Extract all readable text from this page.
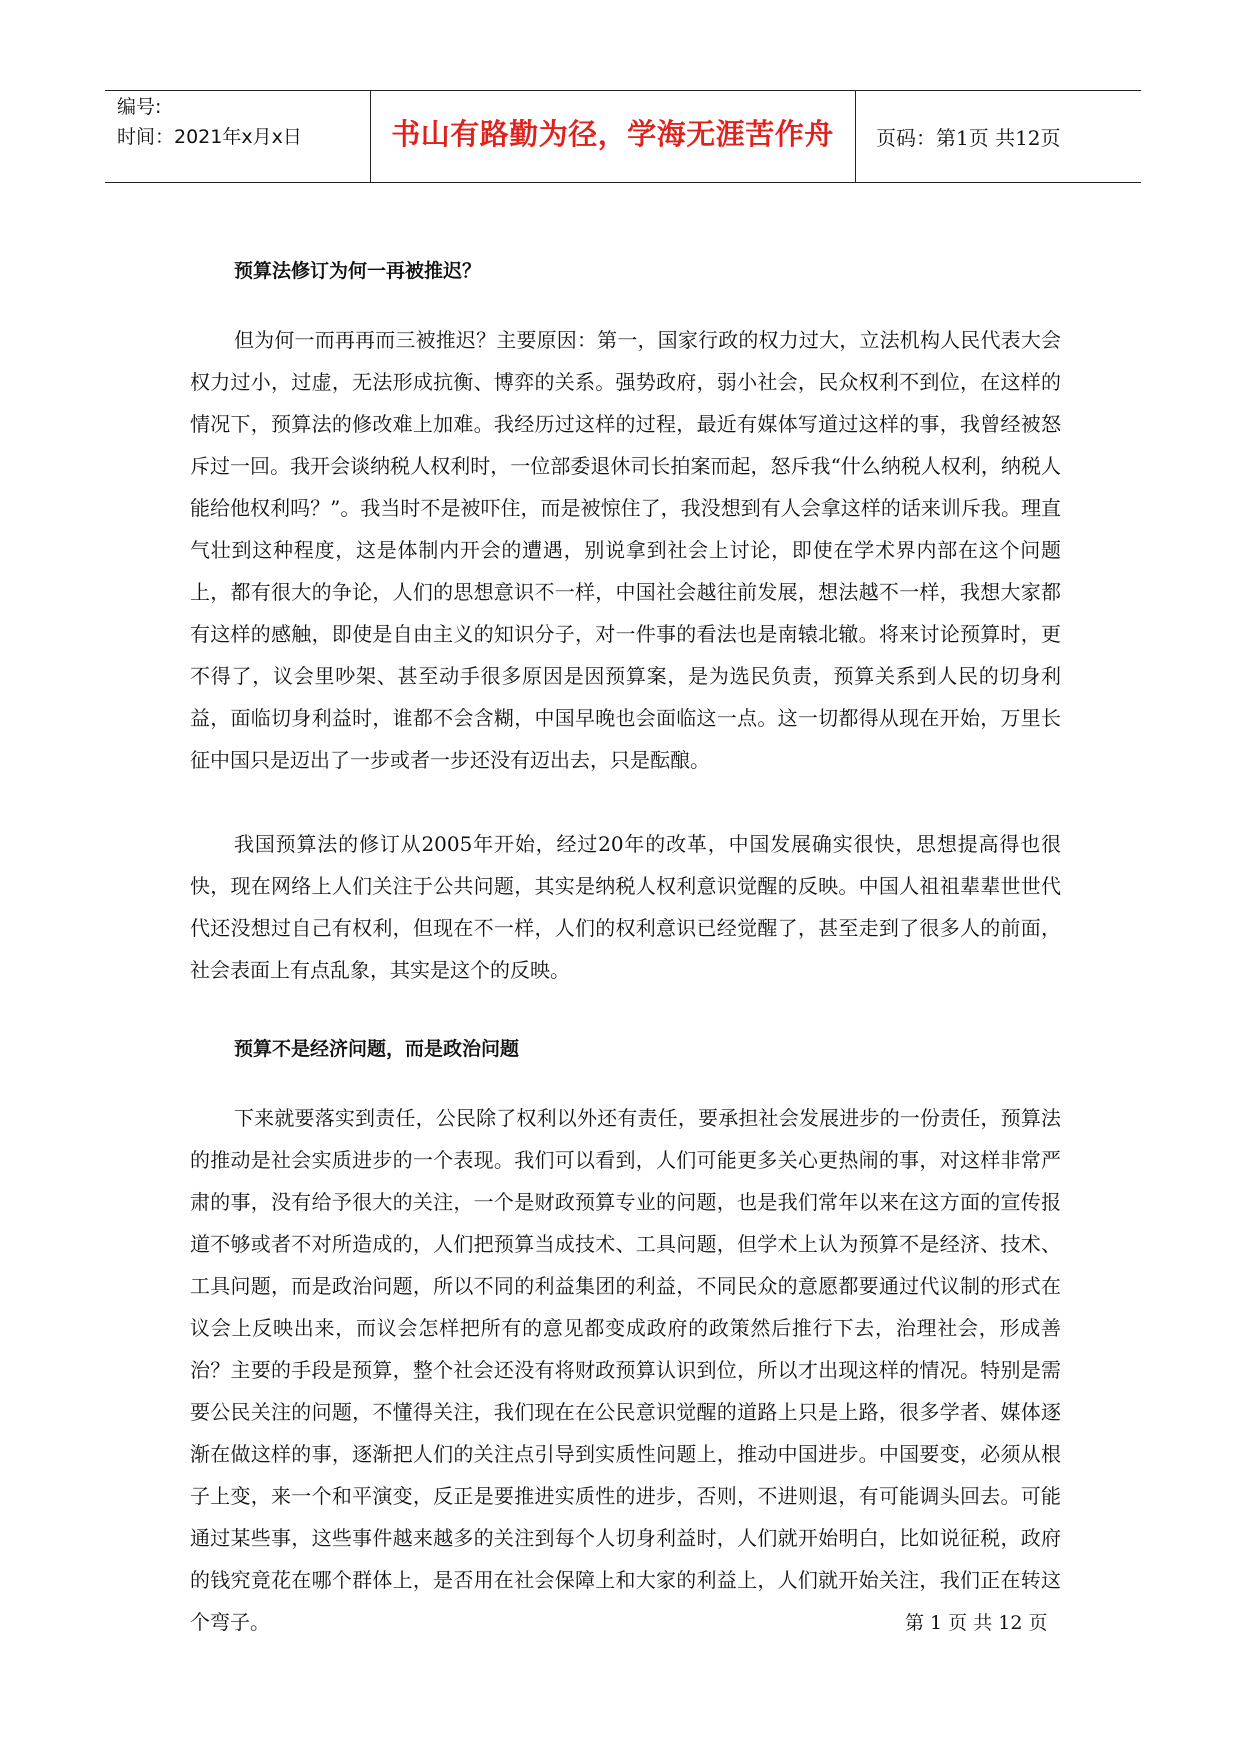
编号:
时间：2021年x月x日	书山有路勤为径，学海无涯苦作舟	页码：第1页 共12页
预算法修订为何一再被推迟？

但为何一而再再而三被推迟？主要原因：第一，国家行政的权力过大，立法机构人民代表大会权力过小，过虚，无法形成抗衡、博弈的关系。强势政府，弱小社会，民众权利不到位，在这样的情况下，预算法的修改难上加难。我经历过这样的过程，最近有媒体写道过这样的事，我曾经被怒斥过一回。我开会谈纳税人权利时，一位部委退休司长拍案而起，怒斥我“什么纳税人权利，纳税人能给他权利吗？”。我当时不是被吓住，而是被惊住了，我没想到有人会拿这样的话来训斥我。理直气壮到这种程度，这是体制内开会的遭遇，别说拿到社会上讨论，即使在学术界内部在这个问题上，都有很大的争论，人们的思想意识不一样，中国社会越往前发展，想法越不一样，我想大家都有这样的感触，即使是自由主义的知识分子，对一件事的看法也是南辕北辙。将来讨论预算时，更不得了，议会里吵架、甚至动手很多原因是因预算案，是为选民负责，预算关系到人民的切身利益，面临切身利益时，谁都不会含糊，中国早晚也会面临这一点。这一切都得从现在开始，万里长征中国只是迈出了一步或者一步还没有迈出去，只是酝酿。

我国预算法的修订从2005年开始，经过20年的改革，中国发展确实很快，思想提高得也很快，现在网络上人们关注于公共问题，其实是纳税人权利意识觉醒的反映。中国人祖祖辈辈世世代代还没想过自己有权利，但现在不一样，人们的权利意识已经觉醒了，甚至走到了很多人的前面，社会表面上有点乱象，其实是这个的反映。

预算不是经济问题，而是政治问题

下来就要落实到责任，公民除了权利以外还有责任，要承担社会发展进步的一份责任，预算法的推动是社会实质进步的一个表现。我们可以看到，人们可能更多关心更热闹的事，对这样非常严肃的事，没有给予很大的关注，一个是财政预算专业的问题，也是我们常年以来在这方面的宣传报道不够或者不对所造成的，人们把预算当成技术、工具问题，但学术上认为预算不是经济、技术、工具问题，而是政治问题，所以不同的利益集团的利益，不同民众的意愿都要通过代议制的形式在议会上反映出来，而议会怎样把所有的意见都变成政府的政策然后推行下去，治理社会，形成善治？主要的手段是预算，整个社会还没有将财政预算认识到位，所以才出现这样的情况。特别是需要公民关注的问题，不懂得关注，我们现在在公民意识觉醒的道路上只是上路，很多学者、媒体逐渐在做这样的事，逐渐把人们的关注点引导到实质性问题上，推动中国进步。中国要变，必须从根子上变，来一个和平演变，反正是要推进实质性的进步，否则，不进则退，有可能调头回去。可能通过某些事，这些事件越来越多的关注到每个人切身利益时，人们就开始明白，比如说征税，政府的钱究竟花在哪个群体上，是否用在社会保障上和大家的利益上，人们就开始关注，我们正在转这个弯子。	第 1 页 共 12 页
